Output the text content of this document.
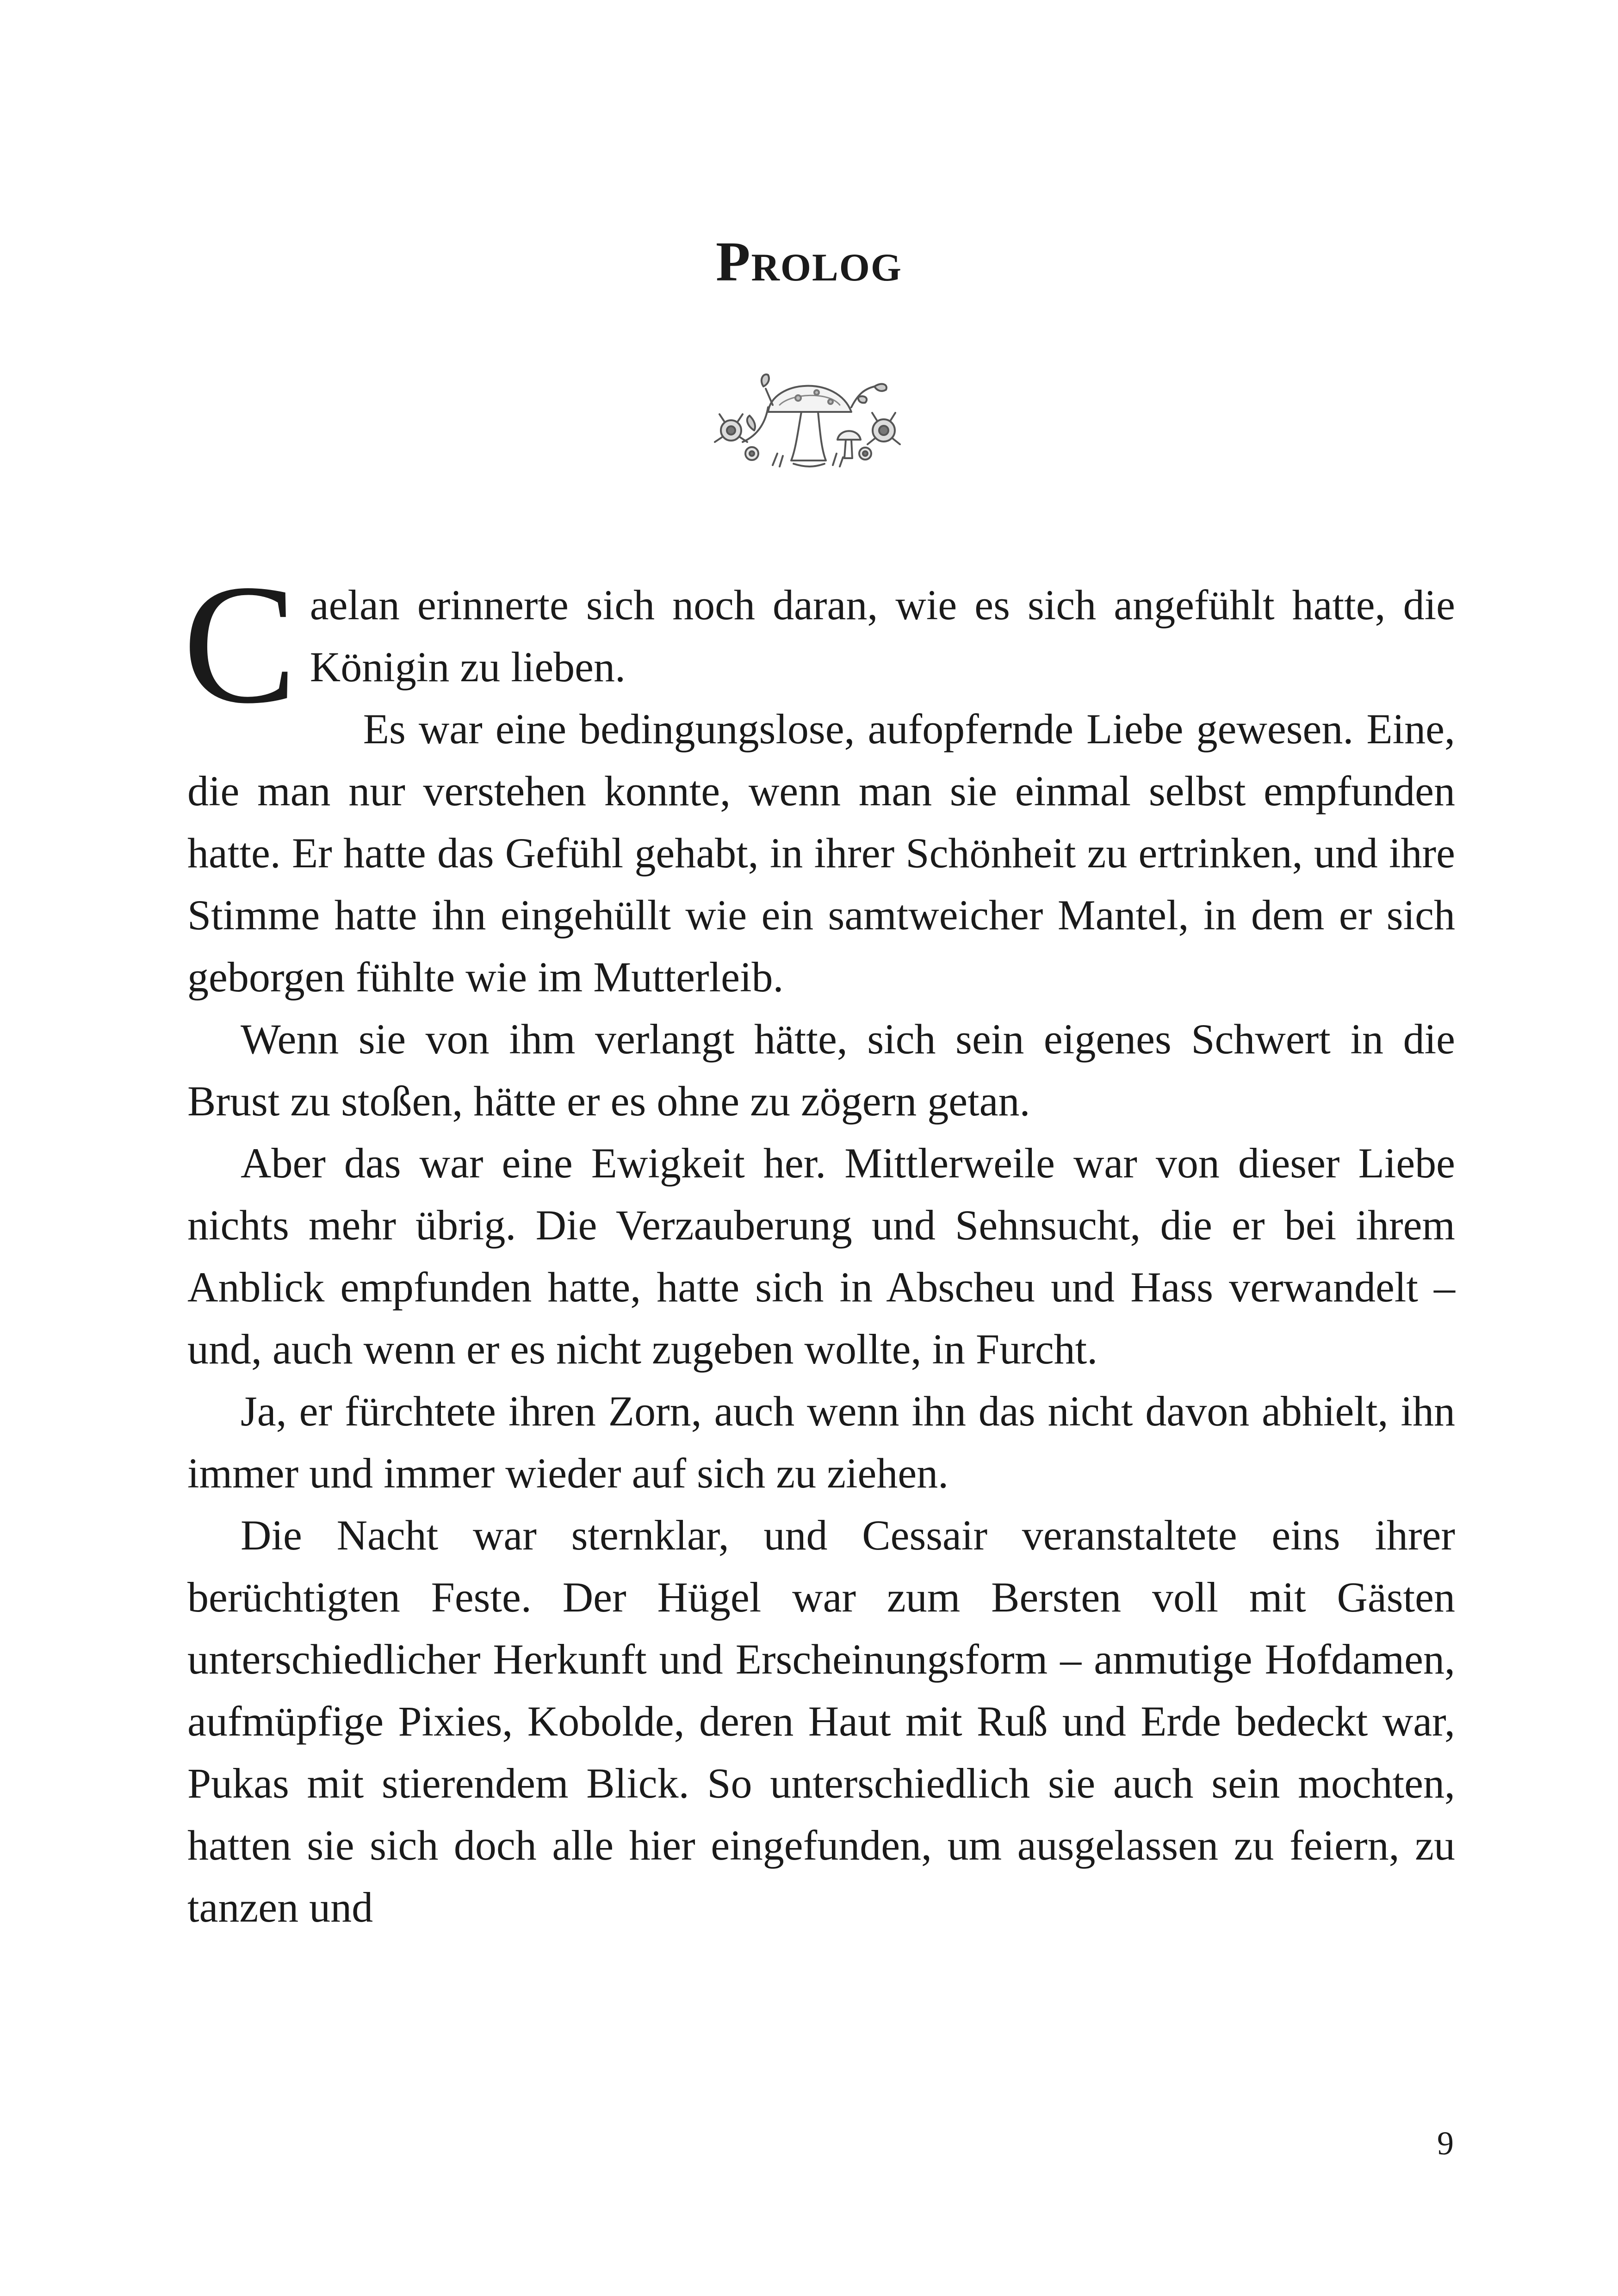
Prolog

Caelan erinnerte sich noch daran, wie es sich angefühlt hatte, die Königin zu lieben.

Es war eine bedingungslose, aufopfernde Liebe gewesen. Eine, die man nur verstehen konnte, wenn man sie einmal selbst empfunden hatte. Er hatte das Gefühl gehabt, in ihrer Schönheit zu ertrinken, und ihre Stimme hatte ihn eingehüllt wie ein samtweicher Mantel, in dem er sich geborgen fühlte wie im Mutterleib.

Wenn sie von ihm verlangt hätte, sich sein eigenes Schwert in die Brust zu stoßen, hätte er es ohne zu zögern getan.

Aber das war eine Ewigkeit her. Mittlerweile war von dieser Liebe nichts mehr übrig. Die Verzauberung und Sehnsucht, die er bei ihrem Anblick empfunden hatte, hatte sich in Abscheu und Hass verwandelt – und, auch wenn er es nicht zugeben wollte, in Furcht.

Ja, er fürchtete ihren Zorn, auch wenn ihn das nicht davon abhielt, ihn immer und immer wieder auf sich zu ziehen.

Die Nacht war sternklar, und Cessair veranstaltete eins ihrer berüchtigten Feste. Der Hügel war zum Bersten voll mit Gästen unterschiedlicher Herkunft und Erscheinungsform – anmutige Hofdamen, aufmüpfige Pixies, Kobolde, deren Haut mit Ruß und Erde bedeckt war, Pukas mit stierendem Blick. So unterschiedlich sie auch sein mochten, hatten sie sich doch alle hier eingefunden, um ausgelassen zu feiern, zu tanzen und

9
